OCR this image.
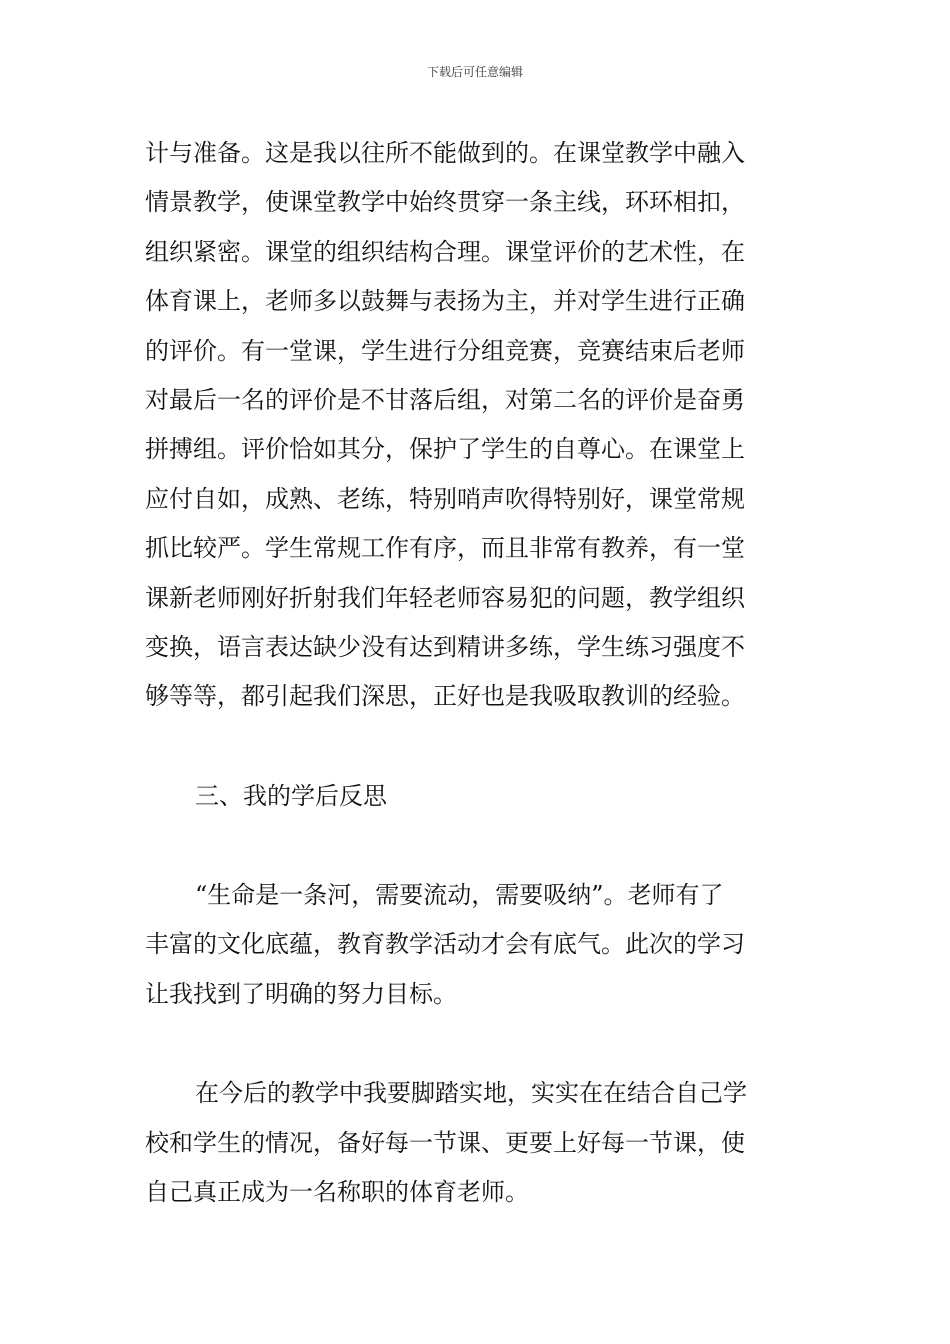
下载后可任意编辑
计与准备。这是我以往所不能做到的。在课堂教学中融入
情景教学，使课堂教学中始终贯穿一条主线，环环相扣，
组织紧密。课堂的组织结构合理。课堂评价的艺术性，在
体育课上，老师多以鼓舞与表扬为主，并对学生进行正确
的评价。有一堂课，学生进行分组竞赛，竞赛结束后老师
对最后一名的评价是不甘落后组，对第二名的评价是奋勇
拼搏组。评价恰如其分，保护了学生的自尊心。在课堂上
应付自如，成熟、老练，特别哨声吹得特别好，课堂常规
抓比较严。学生常规工作有序，而且非常有教养，有一堂
课新老师刚好折射我们年轻老师容易犯的问题，教学组织
变换，语言表达缺少没有达到精讲多练，学生练习强度不
够等等，都引起我们深思，正好也是我吸取教训的经验。
三、我的学后反思
“生命是一条河，需要流动，需要吸纳”。老师有了
丰富的文化底蕴，教育教学活动才会有底气。此次的学习
让我找到了明确的努力目标。
在今后的教学中我要脚踏实地，实实在在结合自己学
校和学生的情况，备好每一节课、更要上好每一节课，使
自己真正成为一名称职的体育老师。
